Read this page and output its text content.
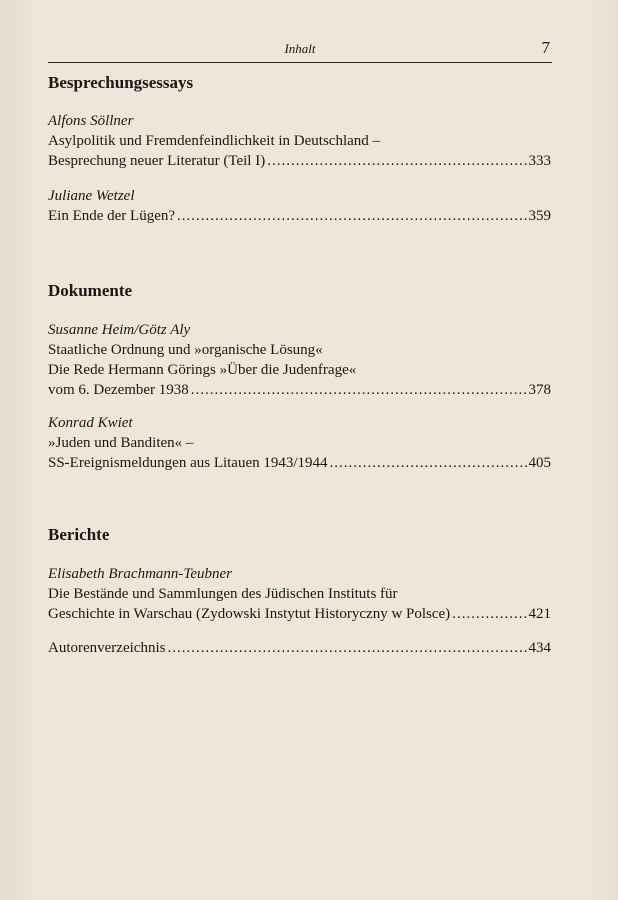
Inhalt	7
Besprechungsessays
Alfons Söllner
Asylpolitik und Fremdenfeindlichkeit in Deutschland –
Besprechung neuer Literatur (Teil I) .....	333
Juliane Wetzel
Ein Ende der Lügen? .....	359
Dokumente
Susanne Heim/Götz Aly
Staatliche Ordnung und »organische Lösung«
Die Rede Hermann Görings »Über die Judenfrage«
vom 6. Dezember 1938 .....	378
Konrad Kwiet
»Juden und Banditen« –
SS-Ereignismeldungen aus Litauen 1943/1944 .....	405
Berichte
Elisabeth Brachmann-Teubner
Die Bestände und Sammlungen des Jüdischen Instituts für
Geschichte in Warschau (Zydowski Instytut Historyczny w Polsce) .....	421
Autorenverzeichnis .....	434
